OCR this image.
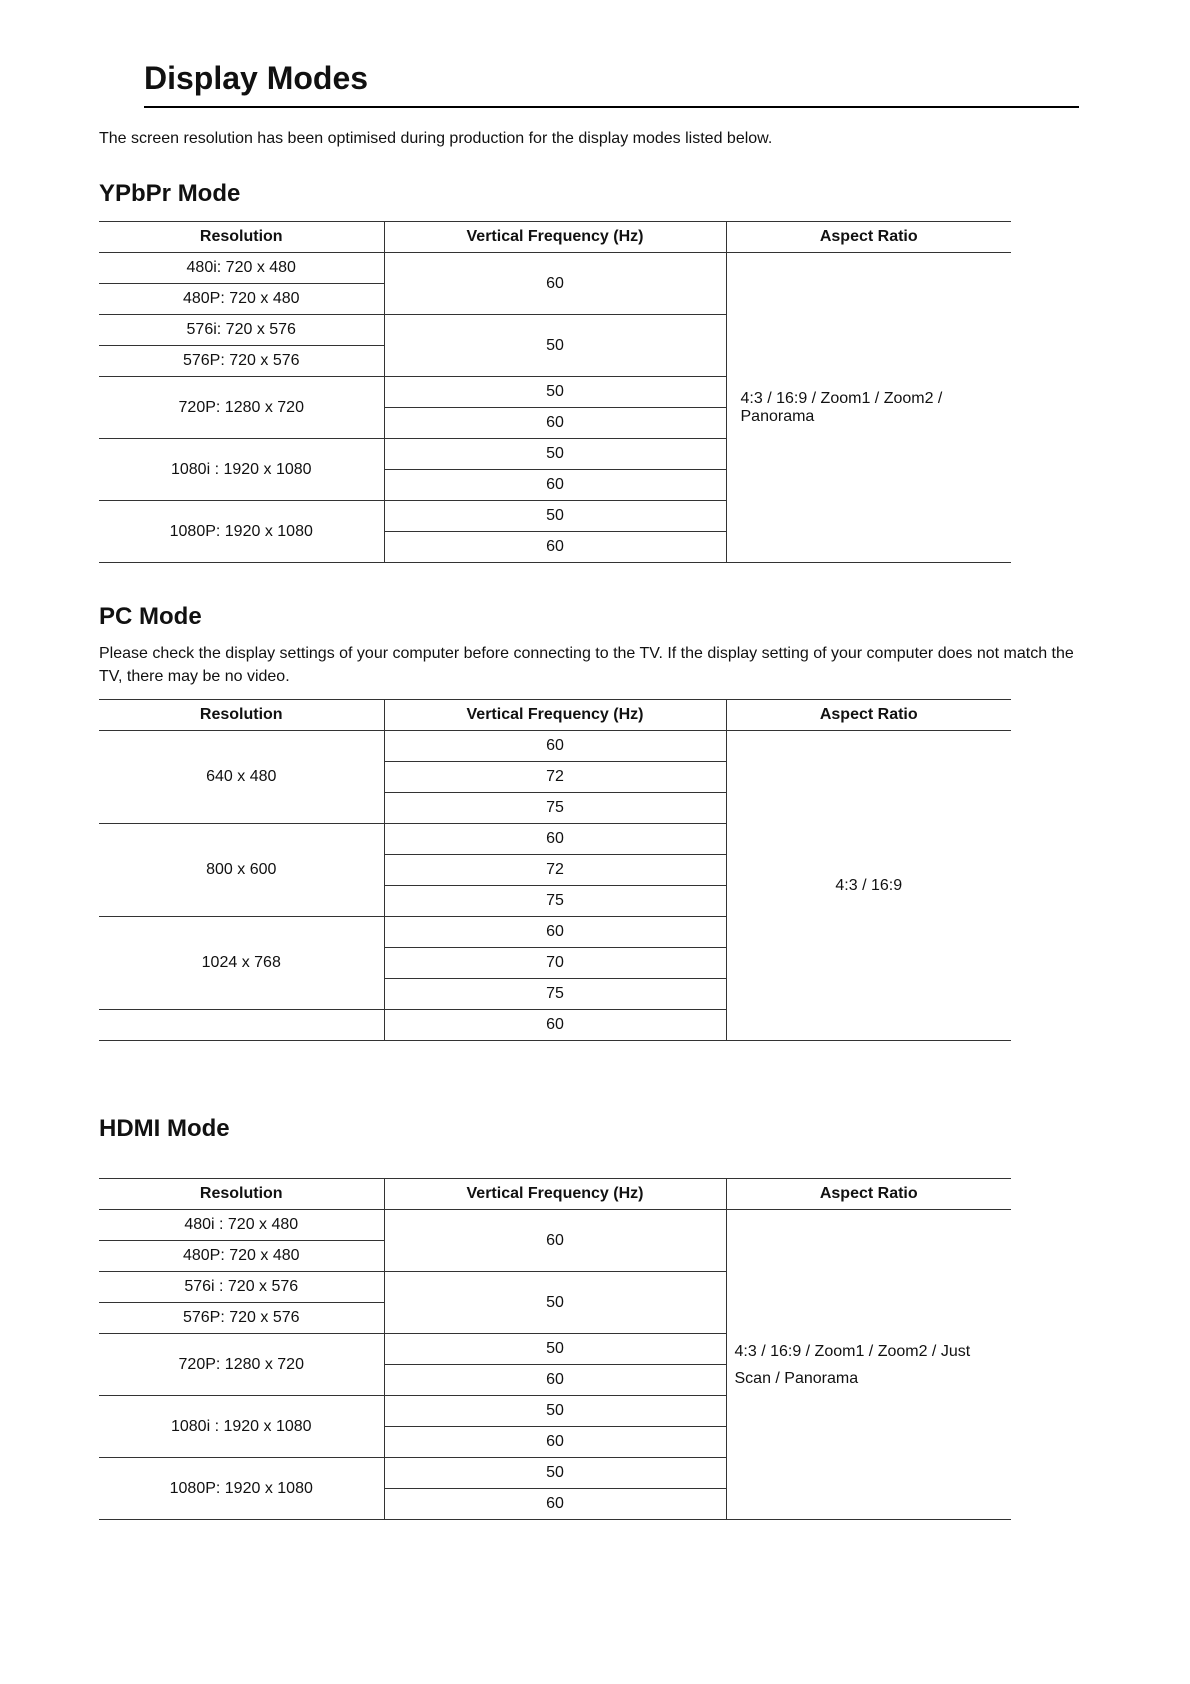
Display Modes
The screen resolution has been optimised during production for the display modes listed below.
YPbPr Mode
Resolution	Vertical Frequency (Hz)	Aspect Ratio
480i: 720 x 480	60	4:3 / 16:9 / Zoom1 / Zoom2 / Panorama
480P: 720 x 480		
576i: 720 x 576	50	
576P: 720 x 576		
720P: 1280 x 720	50	
	60	
1080i : 1920 x 1080	50	
	60	
1080P: 1920 x 1080	50	
	60	
PC Mode
Please check the display settings of your computer before connecting to the TV. If the display setting of your computer does not match the TV, there may be no video.
Resolution	Vertical Frequency (Hz)	Aspect Ratio
640 x 480	60	4:3 / 16:9
	72	
	75	
800 x 600	60	
	72	
	75	
1024 x 768	60	
	70	
	75	
	60	
HDMI Mode
Resolution	Vertical Frequency (Hz)	Aspect Ratio
480i : 720 x 480	60	4:3 / 16:9 / Zoom1 / Zoom2 / Just Scan / Panorama
480P: 720 x 480		
576i : 720 x 576	50	
576P: 720 x 576		
720P: 1280 x 720	50	
	60	
1080i : 1920 x 1080	50	
	60	
1080P: 1920 x 1080	50	
	60	
